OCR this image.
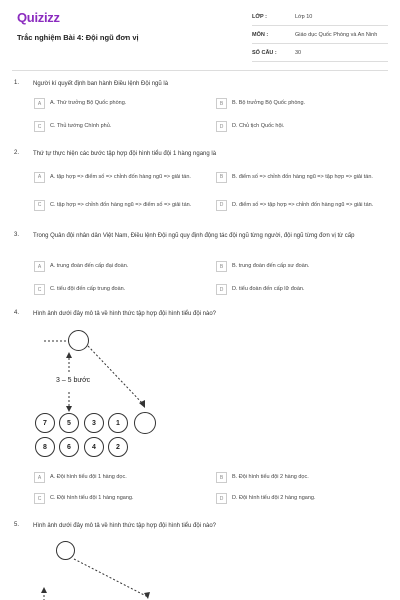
Quizizz
Trắc nghiệm Bài 4: Đội ngũ đơn vị
LỚP :	Lớp 10
MÔN :	Giáo dục Quốc Phòng và An Ninh
SỐ CÂU :	30
1. Người kí quyết định ban hành Điều lệnh Đội ngũ là
A	A. Thứ trưởng Bộ Quốc phòng.	B	B. Bộ trưởng Bộ Quốc phòng.
C	C. Thủ tướng Chính phủ.	D	D. Chủ tịch Quốc hội.
2. Thứ tự thực hiện các bước tập hợp đội hình tiểu đội 1 hàng ngang là
A	A. tập hợp => điểm số => chỉnh đốn hàng ngũ => giải tán.	B	B. điểm số => chỉnh đốn hàng ngũ => tập hợp => giải tán.
C	C. tập hợp => chỉnh đốn hàng ngũ => điểm số => giải tán.	D	D. điểm số => tập hợp => chỉnh đốn hàng ngũ => giải tán.
3. Trong Quân đội nhân dân Việt Nam, Điều lệnh Đội ngũ quy định động tác đội ngũ từng người, đội ngũ từng đơn vị từ cấp
A	A. trung đoàn đến cấp đại đoàn.	B	B. trung đoàn đến cấp sư đoàn.
C	C. tiểu đội đến cấp trung đoàn.	D	D. tiểu đoàn đến cấp lữ đoàn.
4. Hình ảnh dưới đây mô tả về hình thức tập hợp đội hình tiểu đội nào?
3 – 5 bước
7	5	3	1
8	6	4	2
A	A. Đội hình tiểu đội 1 hàng dọc.	B	B. Đội hình tiểu đội 2 hàng dọc.
C	C. Đội hình tiểu đội 1 hàng ngang.	D	D. Đội hình tiểu đội 2 hàng ngang.
5. Hình ảnh dưới đây mô tả về hình thức tập hợp đội hình tiểu đội nào?
